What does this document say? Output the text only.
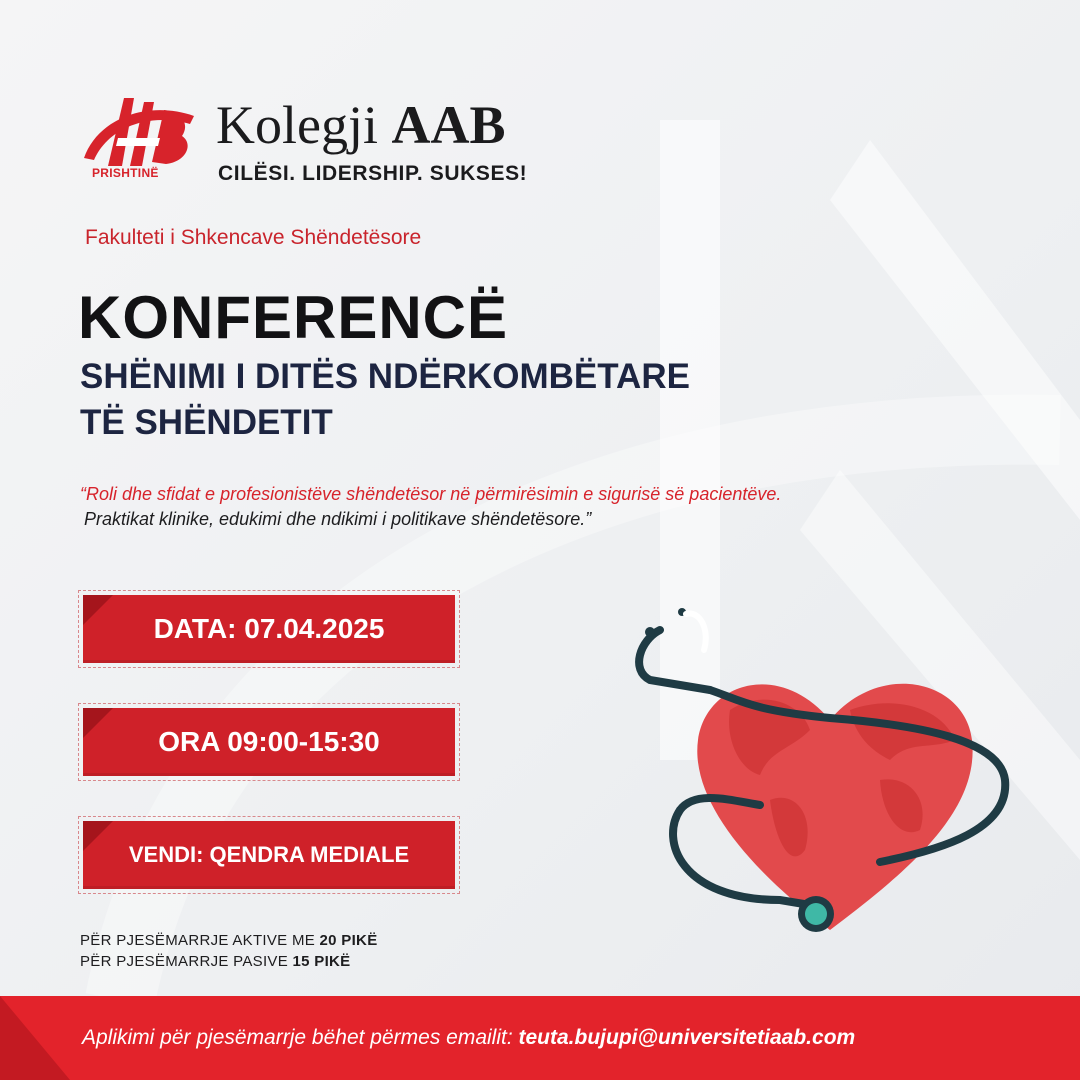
PRISHTINË
Kolegji AAB
CILËSI. LIDERSHIP. SUKSES!
Fakulteti i Shkencave Shëndetësore
KONFERENCË
SHËNIMI I DITËS NDËRKOMBËTARE
TË SHËNDETIT
“Roli dhe sfidat e profesionistëve shëndetësor në përmirësimin e sigurisë së pacientëve.
Praktikat klinike, edukimi dhe ndikimi i politikave shëndetësore.”
DATA: 07.04.2025
ORA 09:00-15:30
VENDI: QENDRA MEDIALE
PËR PJESËMARRJE AKTIVE ME 20 PIKË
PËR PJESËMARRJE PASIVE 15 PIKË
Aplikimi për pjesëmarrje bëhet përmes emailit: teuta.bujupi@universitetiaab.com
